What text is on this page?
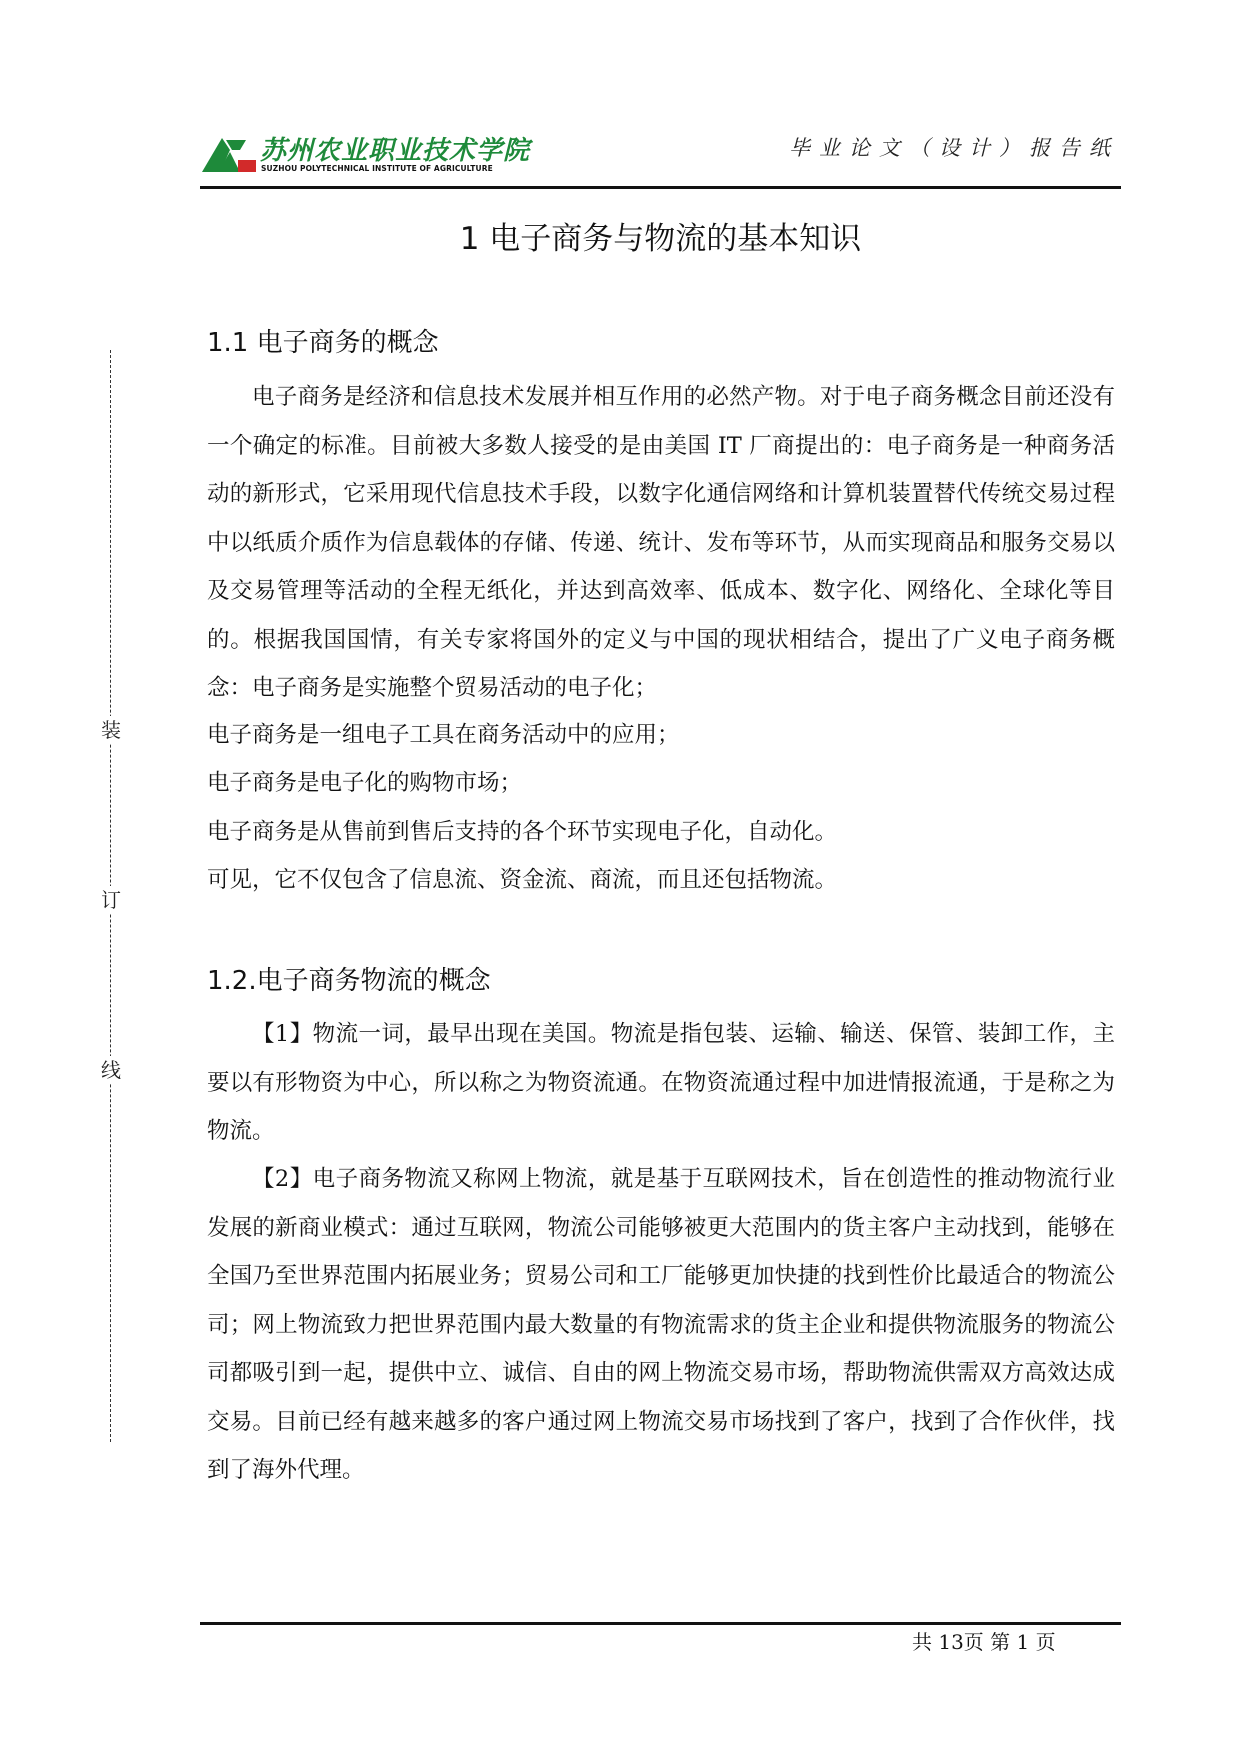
苏州农业职业技术学院
SUZHOU POLYTECHNICAL INSTITUTE OF AGRICULTURE
毕业论文（设计）报告纸
装
订
线
1 电子商务与物流的基本知识
1.1 电子商务的概念

电子商务是经济和信息技术发展并相互作用的必然产物。对于电子商务概念目前还没有一个确定的标准。目前被大多数人接受的是由美国 IT 厂商提出的：电子商务是一种商务活动的新形式，它采用现代信息技术手段，以数字化通信网络和计算机装置替代传统交易过程中以纸质介质作为信息载体的存储、传递、统计、发布等环节，从而实现商品和服务交易以及交易管理等活动的全程无纸化，并达到高效率、低成本、数字化、网络化、全球化等目的。根据我国国情，有关专家将国外的定义与中国的现状相结合，提出了广义电子商务概念：电子商务是实施整个贸易活动的电子化；

电子商务是一组电子工具在商务活动中的应用；

电子商务是电子化的购物市场；

电子商务是从售前到售后支持的各个环节实现电子化，自动化。

可见，它不仅包含了信息流、资金流、商流，而且还包括物流。

1.2.电子商务物流的概念

【1】物流一词，最早出现在美国。物流是指包装、运输、输送、保管、装卸工作，主要以有形物资为中心，所以称之为物资流通。在物资流通过程中加进情报流通，于是称之为物流。

【2】电子商务物流又称网上物流，就是基于互联网技术，旨在创造性的推动物流行业发展的新商业模式：通过互联网，物流公司能够被更大范围内的货主客户主动找到，能够在全国乃至世界范围内拓展业务；贸易公司和工厂能够更加快捷的找到性价比最适合的物流公司；网上物流致力把世界范围内最大数量的有物流需求的货主企业和提供物流服务的物流公司都吸引到一起，提供中立、诚信、自由的网上物流交易市场，帮助物流供需双方高效达成交易。目前已经有越来越多的客户通过网上物流交易市场找到了客户，找到了合作伙伴，找到了海外代理。

共 13页 第 1 页
